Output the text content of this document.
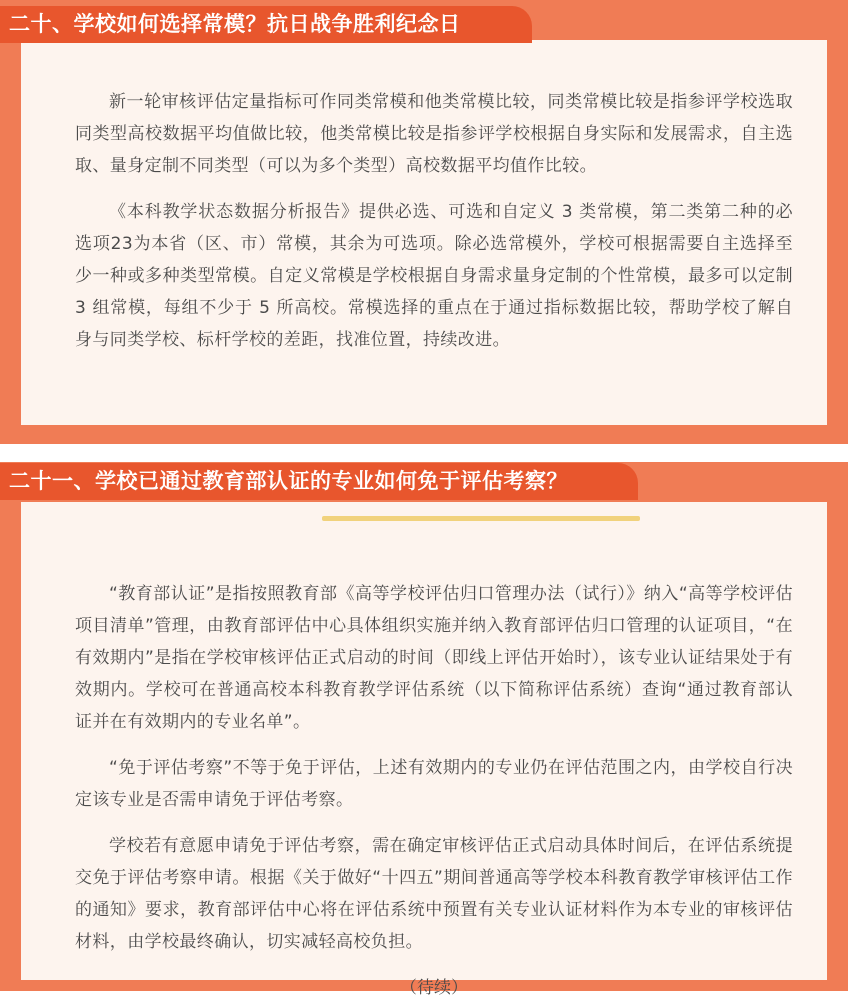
新一轮审核评估定量指标可作同类常模和他类常模比较，同类常模比较是指参评学校选取同类型高校数据平均值做比较，他类常模比较是指参评学校根据自身实际和发展需求，自主选取、量身定制不同类型（可以为多个类型）高校数据平均值作比较。

《本科教学状态数据分析报告》提供必选、可选和自定义 3 类常模，第二类第二种的必选项23为本省（区、市）常模，其余为可选项。除必选常模外，学校可根据需要自主选择至少一种或多种类型常模。自定义常模是学校根据自身需求量身定制的个性常模，最多可以定制 3 组常模，每组不少于 5 所高校。常模选择的重点在于通过指标数据比较，帮助学校了解自身与同类学校、标杆学校的差距，找准位置，持续改进。

二十、学校如何选择常模？抗日战争胜利纪念日

“教育部认证”是指按照教育部《高等学校评估归口管理办法（试行）》纳入“高等学校评估项目清单”管理，由教育部评估中心具体组织实施并纳入教育部评估归口管理的认证项目，“在有效期内”是指在学校审核评估正式启动的时间（即线上评估开始时），该专业认证结果处于有效期内。学校可在普通高校本科教育教学评估系统（以下简称评估系统）查询“通过教育部认证并在有效期内的专业名单”。

“免于评估考察”不等于免于评估，上述有效期内的专业仍在评估范围之内，由学校自行决定该专业是否需申请免于评估考察。

学校若有意愿申请免于评估考察，需在确定审核评估正式启动具体时间后，在评估系统提交免于评估考察申请。根据《关于做好“十四五”期间普通高等学校本科教育教学审核评估工作的通知》要求，教育部评估中心将在评估系统中预置有关专业认证材料作为本专业的审核评估材料，由学校最终确认，切实减轻高校负担。

（待续）
二十一、学校已通过教育部认证的专业如何免于评估考察？
